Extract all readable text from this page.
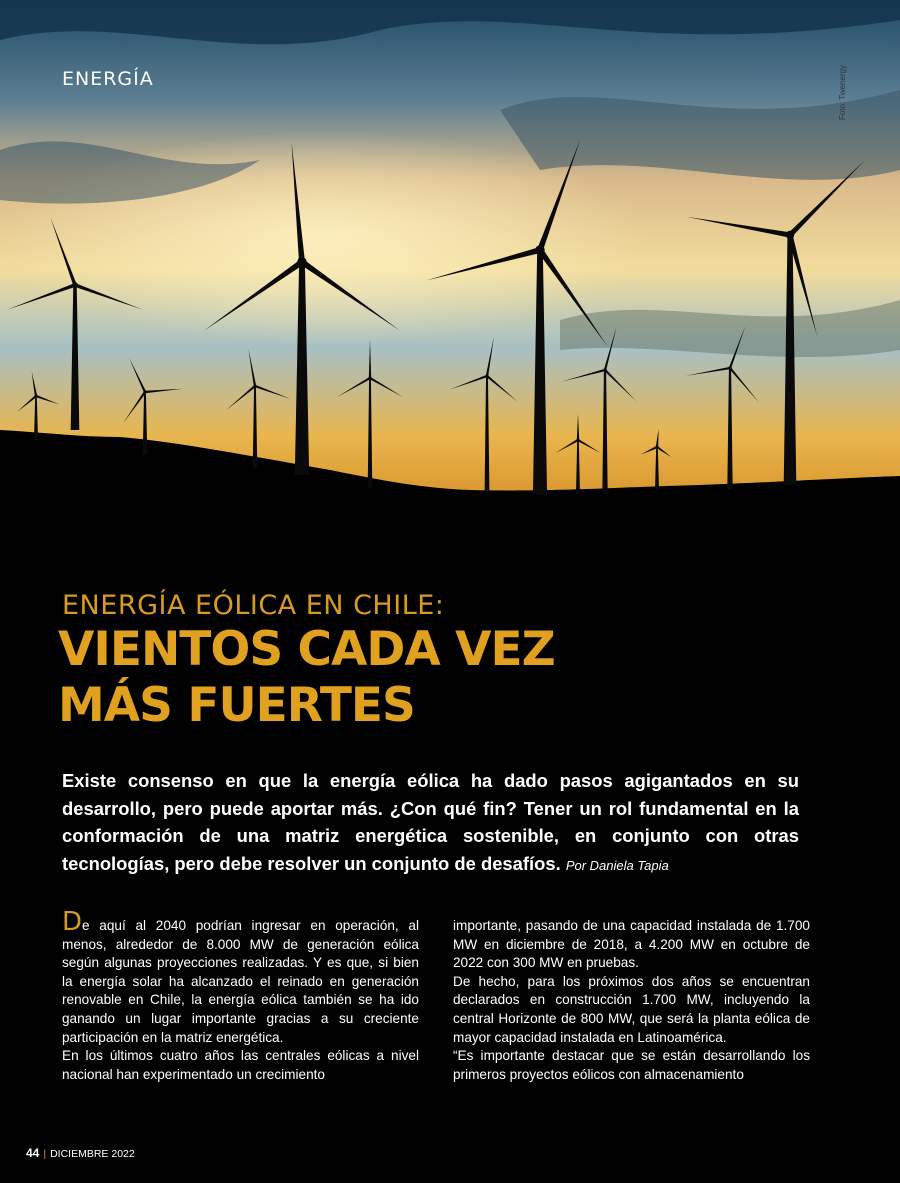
ENERGÍA	Foto: Twenergy
ENERGÍA EÓLICA EN CHILE:
VIENTOS CADA VEZ
MÁS FUERTES
Existe consenso en que la energía eólica ha dado pasos agigantados en su desarrollo, pero puede aportar más. ¿Con qué fin? Tener un rol fundamental en la conformación de una matriz energética sostenible, en conjunto con otras tecnologías, pero debe resolver un conjunto de desafíos. Por Daniela Tapia

De aquí al 2040 podrían ingresar en operación, al menos, alrededor de 8.000 MW de generación eólica según algunas proyecciones realizadas. Y es que, si bien la energía solar ha alcanzado el reinado en generación renovable en Chile, la energía eólica también se ha ido ganando un lugar importante gracias a su creciente participación en la matriz energética.

En los últimos cuatro años las centrales eólicas a nivel nacional han experimentado un crecimiento

importante, pasando de una capacidad instalada de 1.700 MW en diciembre de 2018, a 4.200 MW en octubre de 2022 con 300 MW en pruebas.

De hecho, para los próximos dos años se encuentran declarados en construcción 1.700 MW, incluyendo la central Horizonte de 800 MW, que será la planta eólica de mayor capacidad instalada en Latinoamérica.

“Es importante destacar que se están desarrollando los primeros proyectos eólicos con almacenamiento

44 | DICIEMBRE 2022
